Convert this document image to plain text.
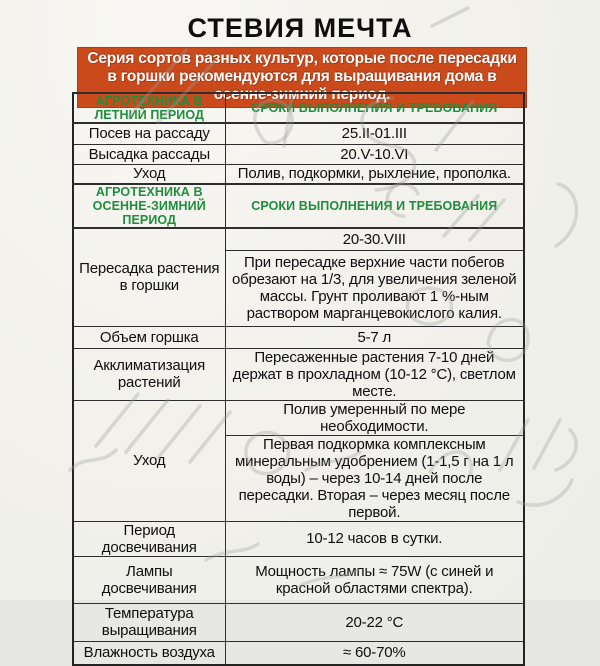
СТЕВИЯ МЕЧТА
Серия сортов разных культур, которые после пересадки в горшки рекомендуются для выращивания дома в осенне-зимний период.
АГРОТЕХНИКА В ЛЕТНИЙ ПЕРИОД	СРОКИ ВЫПОЛНЕНИЯ И ТРЕБОВАНИЯ
Посев на рассаду	25.II-01.III
Высадка рассады	20.V-10.VI
Уход	Полив, подкормки, рыхление, прополка.
АГРОТЕХНИКА В ОСЕННЕ-ЗИМНИЙ ПЕРИОД	СРОКИ ВЫПОЛНЕНИЯ И ТРЕБОВАНИЯ
Пересадка растения в горшки	20-30.VIII
	При пересадке верхние части побегов обрезают на 1/3, для увеличения зеленой массы. Грунт проливают 1 %-ным раствором марганцевокислого калия.
Объем горшка	5-7 л
Акклиматизация растений	Пересаженные растения 7-10 дней держат в прохладном (10-12 °C), светлом месте.
Уход	Полив умеренный по мере необходимости.
	Первая подкормка комплексным минеральным удобрением (1-1,5 г на 1 л воды) – через 10-14 дней после пересадки. Вторая – через месяц после первой.
Период досвечивания	10-12 часов в сутки.
Лампы досвечивания	Мощность лампы ≈ 75W (с синей и красной областями спектра).
Температура выращивания	20-22 °C
Влажность воздуха	≈ 60-70%
